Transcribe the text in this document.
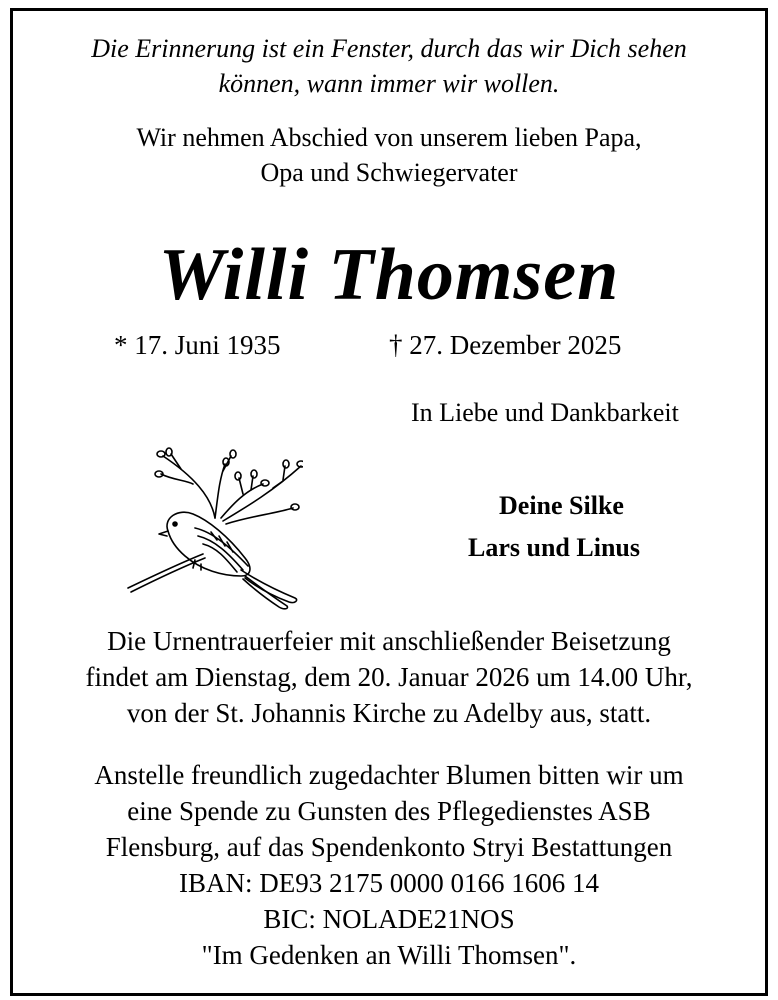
Die Erinnerung ist ein Fenster, durch das wir Dich sehen
können, wann immer wir wollen.
Wir nehmen Abschied von unserem lieben Papa,
Opa und Schwiegervater
Willi Thomsen
* 17. Juni 1935	† 27. Dezember 2025
In Liebe und Dankbarkeit
Deine Silke
Lars und Linus
Die Urnentrauerfeier mit anschließender Beisetzung
findet am Dienstag, dem 20. Januar 2026 um 14.00 Uhr,
von der St. Johannis Kirche zu Adelby aus, statt.
Anstelle freundlich zugedachter Blumen bitten wir um
eine Spende zu Gunsten des Pflegedienstes ASB
Flensburg, auf das Spendenkonto Stryi Bestattungen
IBAN: DE93 2175 0000 0166 1606 14
BIC: NOLADE21NOS
"Im Gedenken an Willi Thomsen".
